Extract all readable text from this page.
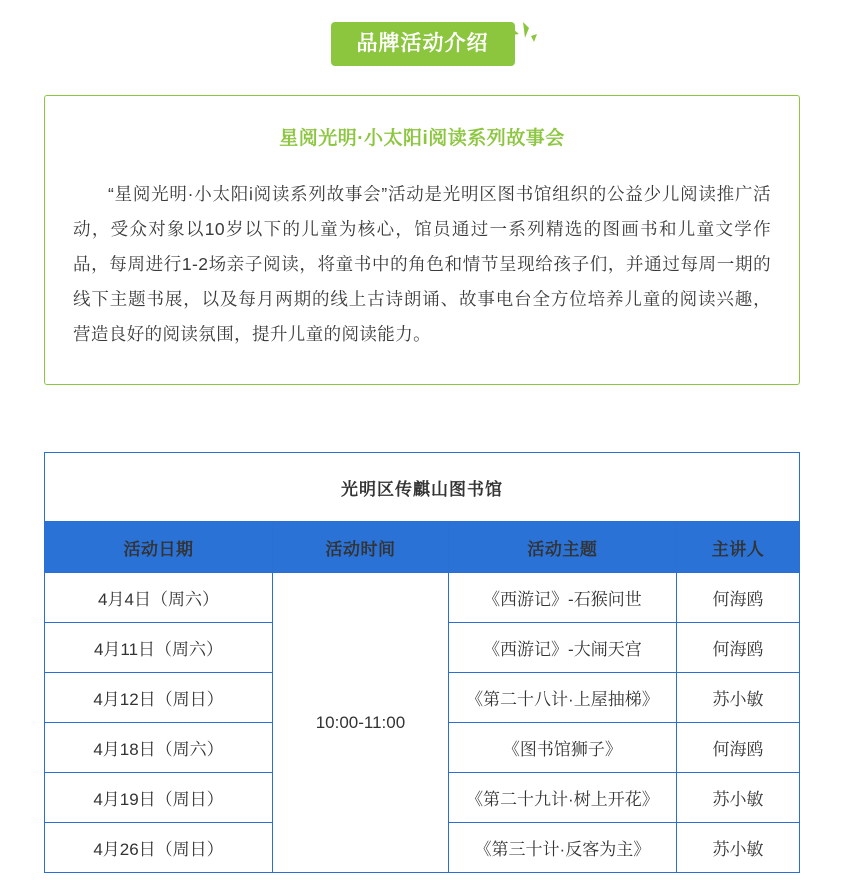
品牌活动介绍
星阅光明·小太阳i阅读系列故事会
“星阅光明·小太阳i阅读系列故事会”活动是光明区图书馆组织的公益少儿阅读推广活动，受众对象以10岁以下的儿童为核心，馆员通过一系列精选的图画书和儿童文学作品，每周进行1-2场亲子阅读，将童书中的角色和情节呈现给孩子们，并通过每周一期的线下主题书展，以及每月两期的线上古诗朗诵、故事电台全方位培养儿童的阅读兴趣，营造良好的阅读氛围，提升儿童的阅读能力。
光明区传麒山图书馆			
活动日期	活动时间	活动主题	主讲人
4月4日（周六）	10:00-11:00	《西游记》-石猴问世	何海鸥
4月11日（周六）		《西游记》-大闹天宫	何海鸥
4月12日（周日）		《第二十八计·上屋抽梯》	苏小敏
4月18日（周六）		《图书馆狮子》	何海鸥
4月19日（周日）		《第二十九计·树上开花》	苏小敏
4月26日（周日）		《第三十计·反客为主》	苏小敏
